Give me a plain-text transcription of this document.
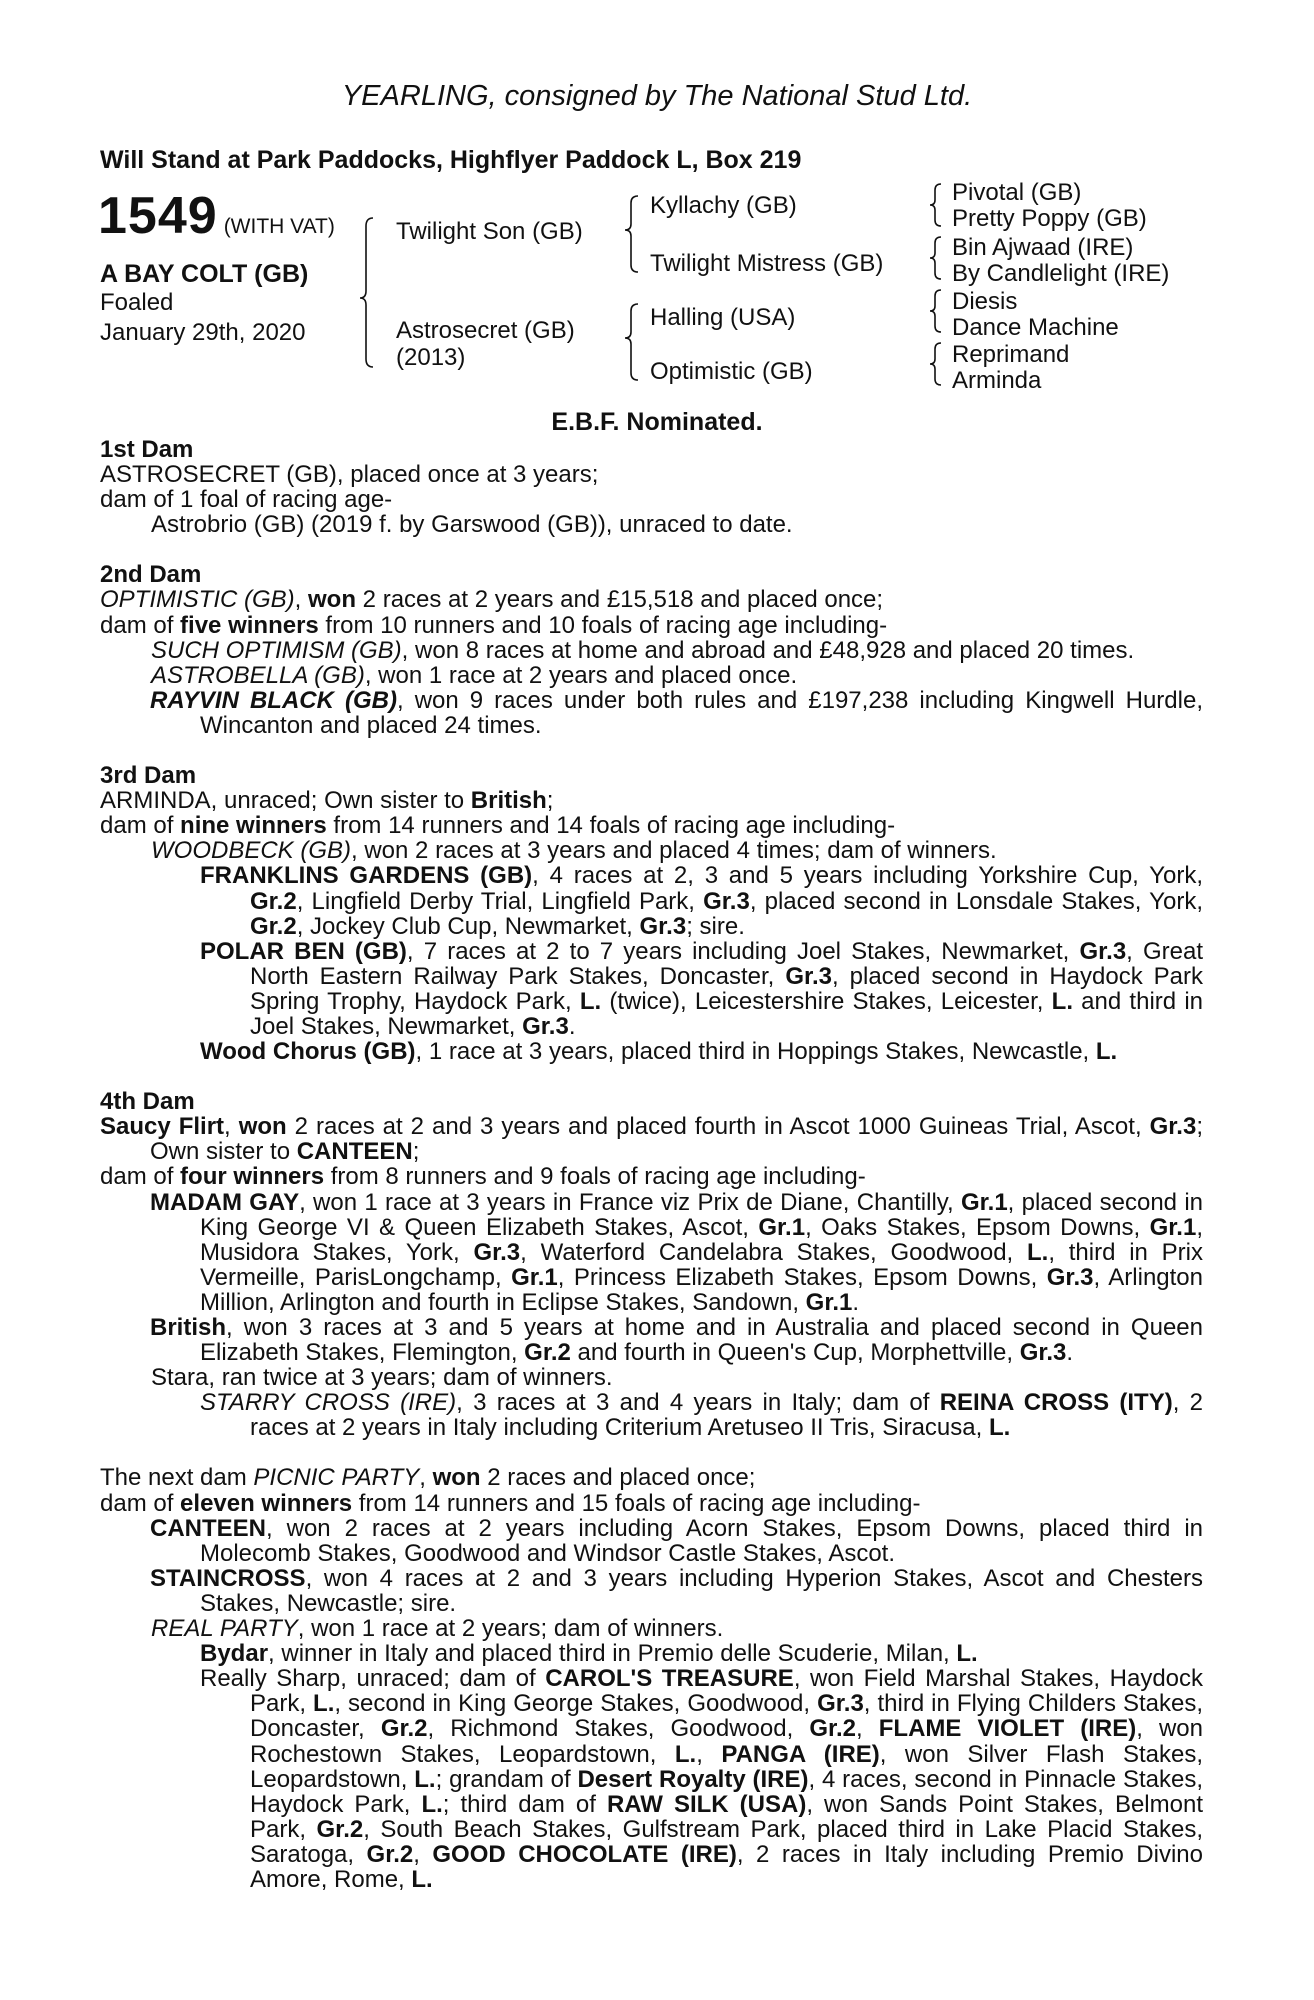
YEARLING, consigned by The National Stud Ltd.
Will Stand at Park Paddocks, Highflyer Paddock L, Box 219
1549 (WITH VAT)
A BAY COLT (GB)
Foaled
January 29th, 2020
Twilight Son (GB)
Astrosecret (GB)
(2013)
Kyllachy (GB)
Twilight Mistress (GB)
Halling (USA)
Optimistic (GB)
Pivotal (GB)
Pretty Poppy (GB)
Bin Ajwaad (IRE)
By Candlelight (IRE)
Diesis
Dance Machine
Reprimand
Arminda
E.B.F. Nominated.
1st Dam
ASTROSECRET (GB), placed once at 3 years;
dam of 1 foal of racing age-
Astrobrio (GB) (2019 f. by Garswood (GB)), unraced to date.
2nd Dam
OPTIMISTIC (GB), won 2 races at 2 years and £15,518 and placed once;
dam of five winners from 10 runners and 10 foals of racing age including-
SUCH OPTIMISM (GB), won 8 races at home and abroad and £48,928 and placed 20 times.
ASTROBELLA (GB), won 1 race at 2 years and placed once.
RAYVIN BLACK (GB), won 9 races under both rules and £197,238 including Kingwell Hurdle, Wincanton and placed 24 times.
3rd Dam
ARMINDA, unraced; Own sister to British;
dam of nine winners from 14 runners and 14 foals of racing age including-
WOODBECK (GB), won 2 races at 3 years and placed 4 times; dam of winners.
FRANKLINS GARDENS (GB), 4 races at 2, 3 and 5 years including Yorkshire Cup, York, Gr.2, Lingfield Derby Trial, Lingfield Park, Gr.3, placed second in Lonsdale Stakes, York, Gr.2, Jockey Club Cup, Newmarket, Gr.3; sire.
POLAR BEN (GB), 7 races at 2 to 7 years including Joel Stakes, Newmarket, Gr.3, Great North Eastern Railway Park Stakes, Doncaster, Gr.3, placed second in Haydock Park Spring Trophy, Haydock Park, L. (twice), Leicestershire Stakes, Leicester, L. and third in Joel Stakes, Newmarket, Gr.3.
Wood Chorus (GB), 1 race at 3 years, placed third in Hoppings Stakes, Newcastle, L.
4th Dam
Saucy Flirt, won 2 races at 2 and 3 years and placed fourth in Ascot 1000 Guineas Trial, Ascot, Gr.3; Own sister to CANTEEN;
dam of four winners from 8 runners and 9 foals of racing age including-
MADAM GAY, won 1 race at 3 years in France viz Prix de Diane, Chantilly, Gr.1, placed second in King George VI & Queen Elizabeth Stakes, Ascot, Gr.1, Oaks Stakes, Epsom Downs, Gr.1, Musidora Stakes, York, Gr.3, Waterford Candelabra Stakes, Goodwood, L., third in Prix Vermeille, ParisLongchamp, Gr.1, Princess Elizabeth Stakes, Epsom Downs, Gr.3, Arlington Million, Arlington and fourth in Eclipse Stakes, Sandown, Gr.1.
British, won 3 races at 3 and 5 years at home and in Australia and placed second in Queen Elizabeth Stakes, Flemington, Gr.2 and fourth in Queen's Cup, Morphettville, Gr.3.
Stara, ran twice at 3 years; dam of winners.
STARRY CROSS (IRE), 3 races at 3 and 4 years in Italy; dam of REINA CROSS (ITY), 2 races at 2 years in Italy including Criterium Aretuseo II Tris, Siracusa, L.
The next dam PICNIC PARTY, won 2 races and placed once;
dam of eleven winners from 14 runners and 15 foals of racing age including-
CANTEEN, won 2 races at 2 years including Acorn Stakes, Epsom Downs, placed third in Molecomb Stakes, Goodwood and Windsor Castle Stakes, Ascot.
STAINCROSS, won 4 races at 2 and 3 years including Hyperion Stakes, Ascot and Chesters Stakes, Newcastle; sire.
REAL PARTY, won 1 race at 2 years; dam of winners.
Bydar, winner in Italy and placed third in Premio delle Scuderie, Milan, L.
Really Sharp, unraced; dam of CAROL'S TREASURE, won Field Marshal Stakes, Haydock Park, L., second in King George Stakes, Goodwood, Gr.3, third in Flying Childers Stakes, Doncaster, Gr.2, Richmond Stakes, Goodwood, Gr.2, FLAME VIOLET (IRE), won Rochestown Stakes, Leopardstown, L., PANGA (IRE), won Silver Flash Stakes, Leopardstown, L.; grandam of Desert Royalty (IRE), 4 races, second in Pinnacle Stakes, Haydock Park, L.; third dam of RAW SILK (USA), won Sands Point Stakes, Belmont Park, Gr.2, South Beach Stakes, Gulfstream Park, placed third in Lake Placid Stakes, Saratoga, Gr.2, GOOD CHOCOLATE (IRE), 2 races in Italy including Premio Divino Amore, Rome, L.
